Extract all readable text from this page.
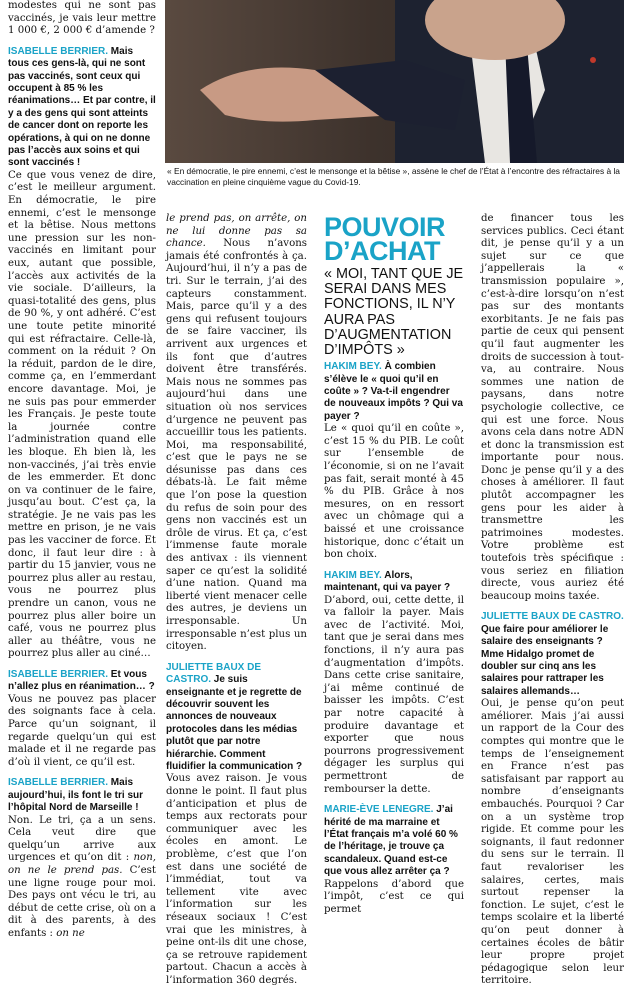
modestes qui ne sont pas vaccinés, je vais leur mettre 1 000 €, 2 000 € d’amende ?

ISABELLE BERRIER. Mais tous ces gens-là, qui ne sont pas vaccinés, sont ceux qui occupent à 85 % les réanimations… Et par contre, il y a des gens qui sont atteints de cancer dont on reporte les opérations, à qui on ne donne pas l’accès aux soins et qui sont vaccinés !

Ce que vous venez de dire, c’est le meilleur argument. En démocratie, le pire ennemi, c’est le mensonge et la bêtise. Nous mettons une pression sur les non-vaccinés en limitant pour eux, autant que possible, l’accès aux activités de la vie sociale. D’ailleurs, la quasi-totalité des gens, plus de 90 %, y ont adhéré. C’est une toute petite minorité qui est réfractaire. Celle-là, comment on la réduit ? On la réduit, pardon de le dire, comme ça, en l’emmerdant encore davantage. Moi, je ne suis pas pour emmerder les Français. Je peste toute la journée contre l’administration quand elle les bloque. Eh bien là, les non-vaccinés, j’ai très envie de les emmerder. Et donc on va continuer de le faire, jusqu’au bout. C’est ça, la stratégie. Je ne vais pas les mettre en prison, je ne vais pas les vacciner de force. Et donc, il faut leur dire : à partir du 15 janvier, vous ne pourrez plus aller au restau, vous ne pourrez plus prendre un canon, vous ne pourrez plus aller boire un café, vous ne pourrez plus aller au théâtre, vous ne pourrez plus aller au ciné…

ISABELLE BERRIER. Et vous n’allez plus en réanimation… ?

Vous ne pouvez pas placer des soignants face à cela. Parce qu’un soignant, il regarde quelqu’un qui est malade et il ne regarde pas d’où il vient, ce qu’il est.

ISABELLE BERRIER. Mais aujourd’hui, ils font le tri sur l’hôpital Nord de Marseille !

Non. Le tri, ça a un sens. Cela veut dire que quelqu’un arrive aux urgences et qu’on dit : non, on ne le prend pas. C’est une ligne rouge pour moi. Des pays ont vécu le tri, au début de cette crise, où on a dit à des parents, à des enfants : on ne

« En démocratie, le pire ennemi, c’est le mensonge et la bêtise », assène le chef de l’État à l’encontre des réfractaires à la vaccination en pleine cinquième vague du Covid-19.

le prend pas, on arrête, on ne lui donne pas sa chance. Nous n’avons jamais été confrontés à ça. Aujourd’hui, il n’y a pas de tri. Sur le terrain, j’ai des capteurs constamment. Mais, parce qu’il y a des gens qui refusent toujours de se faire vacciner, ils arrivent aux urgences et ils font que d’autres doivent être transférés. Mais nous ne sommes pas aujourd’hui dans une situation où nos services d’urgence ne peuvent pas accueillir tous les patients. Moi, ma responsabilité, c’est que le pays ne se désunisse pas dans ces débats-là. Le fait même que l’on pose la question du refus de soin pour des gens non vaccinés est un drôle de virus. Et ça, c’est l’immense faute morale des antivax : ils viennent saper ce qu’est la solidité d’une nation. Quand ma liberté vient menacer celle des autres, je deviens un irresponsable. Un irresponsable n’est plus un citoyen.

JULIETTE BAUX DE CASTRO. Je suis enseignante et je regrette de découvrir souvent les annonces de nouveaux protocoles dans les médias plutôt que par notre hiérarchie. Comment fluidifier la communication ?

Vous avez raison. Je vous donne le point. Il faut plus d’anticipation et plus de temps aux rectorats pour communiquer avec les écoles en amont. Le problème, c’est que l’on est dans une société de l’immédiat, tout va tellement vite avec l’information sur les réseaux sociaux ! C’est vrai que les ministres, à peine ont-ils dit une chose, ça se retrouve rapidement partout. Chacun a accès à l’information 360 degrés.

POUVOIR D’ACHAT
« MOI, TANT QUE JE SERAI DANS MES FONCTIONS, IL N’Y AURA PAS D’AUGMENTATION D’IMPÔTS »

HAKIM BEY. À combien s’élève le « quoi qu’il en coûte » ? Va-t-il engendrer de nouveaux impôts ? Qui va payer ?

Le « quoi qu’il en coûte », c’est 15 % du PIB. Le coût sur l’ensemble de l’économie, si on ne l’avait pas fait, serait monté à 45 % du PIB. Grâce à nos mesures, on en ressort avec un chômage qui a baissé et une croissance historique, donc c’était un bon choix.

HAKIM BEY. Alors, maintenant, qui va payer ?

D’abord, oui, cette dette, il va falloir la payer. Mais avec de l’activité. Moi, tant que je serai dans mes fonctions, il n’y aura pas d’augmentation d’impôts. Dans cette crise sanitaire, j’ai même continué de baisser les impôts. C’est par notre capacité à produire davantage et exporter que nous pourrons progressivement dégager les surplus qui permettront de rembourser la dette.

MARIE-ÈVE LENEGRE. J’ai hérité de ma marraine et l’État français m’a volé 60 % de l’héritage, je trouve ça scandaleux. Quand est-ce que vous allez arrêter ça ?

Rappelons d’abord que l’impôt, c’est ce qui permet

de financer tous les services publics. Ceci étant dit, je pense qu’il y a un sujet sur ce que j’appellerais la « transmission populaire », c’est-à-dire lorsqu’on n’est pas sur des montants exorbitants. Je ne fais pas partie de ceux qui pensent qu’il faut augmenter les droits de succession à tout-va, au contraire. Nous sommes une nation de paysans, dans notre psychologie collective, ce qui est une force. Nous avons cela dans notre ADN et donc la transmission est importante pour nous. Donc je pense qu’il y a des choses à améliorer. Il faut plutôt accompagner les gens pour les aider à transmettre les patrimoines modestes. Votre problème est toutefois très spécifique : vous seriez en filiation directe, vous auriez été beaucoup moins taxée.

JULIETTE BAUX DE CASTRO. Que faire pour améliorer le salaire des enseignants ? Mme Hidalgo promet de doubler sur cinq ans les salaires pour rattraper les salaires allemands…

Oui, je pense qu’on peut améliorer. Mais j’ai aussi un rapport de la Cour des comptes qui montre que le temps de l’enseignement en France n’est pas satisfaisant par rapport au nombre d’enseignants embauchés. Pourquoi ? Car on a un système trop rigide. Et comme pour les soignants, il faut redonner du sens sur le terrain. Il faut revaloriser les salaires, certes, mais surtout repenser la fonction. Le sujet, c’est le temps scolaire et la liberté qu’on peut donner à certaines écoles de bâtir leur propre projet pédagogique selon leur territoire.
